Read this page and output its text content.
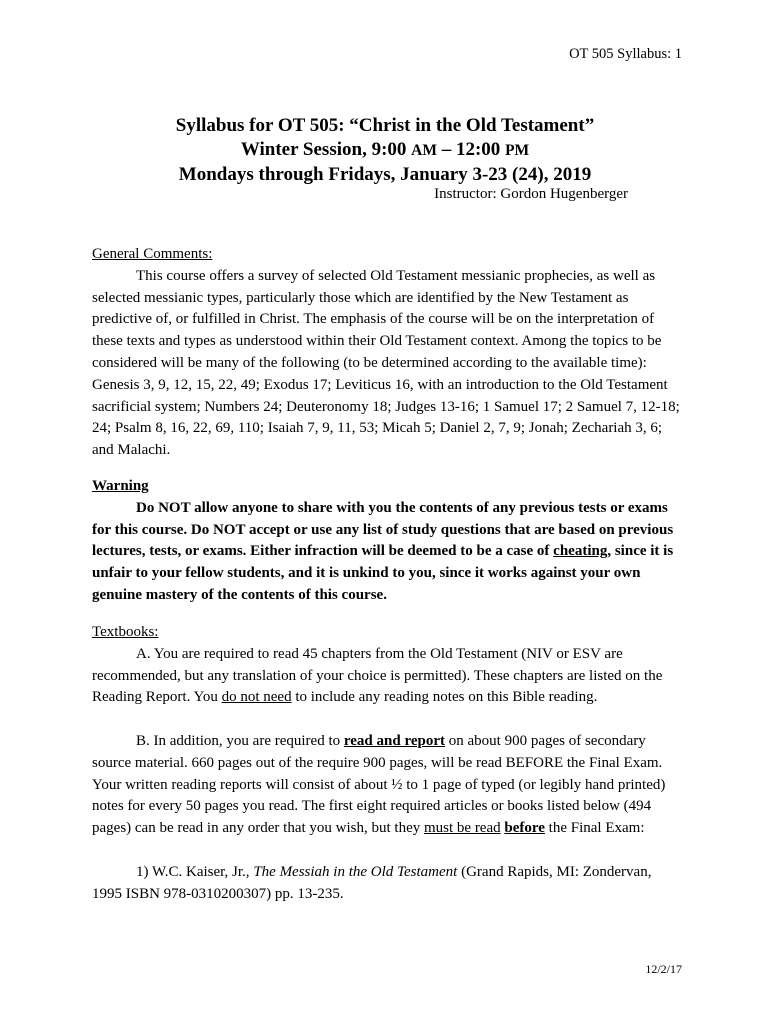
OT 505 Syllabus: 1
Syllabus for OT 505: “Christ in the Old Testament”
Winter Session, 9:00 AM – 12:00 PM
Mondays through Fridays, January 3-23 (24), 2019
Instructor: Gordon Hugenberger
General Comments:

This course offers a survey of selected Old Testament messianic prophecies, as well as selected messianic types, particularly those which are identified by the New Testament as predictive of, or fulfilled in Christ. The emphasis of the course will be on the interpretation of these texts and types as understood within their Old Testament context. Among the topics to be considered will be many of the following (to be determined according to the available time): Genesis 3, 9, 12, 15, 22, 49; Exodus 17; Leviticus 16, with an introduction to the Old Testament sacrificial system; Numbers 24; Deuteronomy 18; Judges 13-16; 1 Samuel 17; 2 Samuel 7, 12-18; 24; Psalm 8, 16, 22, 69, 110; Isaiah 7, 9, 11, 53; Micah 5; Daniel 2, 7, 9; Jonah; Zechariah 3, 6; and Malachi.

Warning

Do NOT allow anyone to share with you the contents of any previous tests or exams for this course. Do NOT accept or use any list of study questions that are based on previous lectures, tests, or exams. Either infraction will be deemed to be a case of cheating, since it is unfair to your fellow students, and it is unkind to you, since it works against your own genuine mastery of the contents of this course.

Textbooks:

A. You are required to read 45 chapters from the Old Testament (NIV or ESV are recommended, but any translation of your choice is permitted). These chapters are listed on the Reading Report. You do not need to include any reading notes on this Bible reading.

B. In addition, you are required to read and report on about 900 pages of secondary source material. 660 pages out of the require 900 pages, will be read BEFORE the Final Exam. Your written reading reports will consist of about ½ to 1 page of typed (or legibly hand printed) notes for every 50 pages you read. The first eight required articles or books listed below (494 pages) can be read in any order that you wish, but they must be read before the Final Exam:

1) W.C. Kaiser, Jr., The Messiah in the Old Testament (Grand Rapids, MI: Zondervan, 1995 ISBN 978-0310200307) pp. 13-235.

12/2/17
